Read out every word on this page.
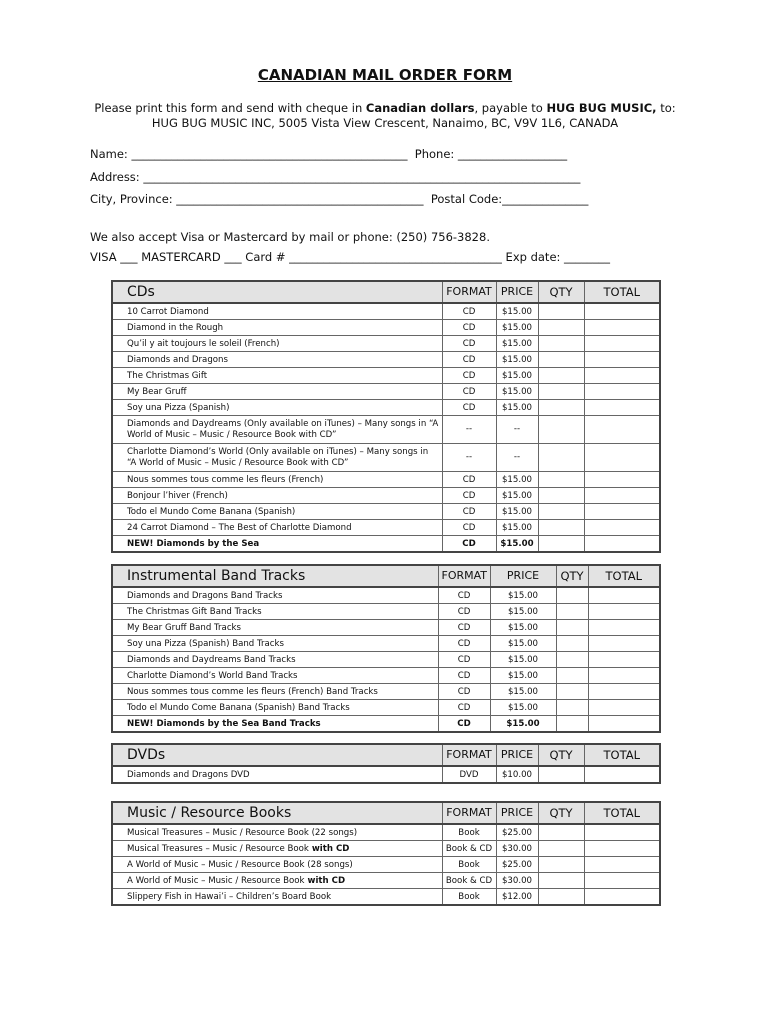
CANADIAN MAIL ORDER FORM
Please print this form and send with cheque in Canadian dollars, payable to HUG BUG MUSIC, to:
HUG BUG MUSIC INC, 5005 Vista View Crescent, Nanaimo, BC, V9V 1L6, CANADA
Name: ________________________________________________  Phone: ___________________
Address: ____________________________________________________________________________
City, Province: ___________________________________________  Postal Code:_______________
We also accept Visa or Mastercard by mail or phone: (250) 756-3828.
VISA ___ MASTERCARD ___ Card # _____________________________________ Exp date: ________
CDs	FORMAT	PRICE	QTY	TOTAL
10 Carrot Diamond	CD	$15.00		
Diamond in the Rough	CD	$15.00		
Qu’il y ait toujours le soleil (French)	CD	$15.00		
Diamonds and Dragons	CD	$15.00		
The Christmas Gift	CD	$15.00		
My Bear Gruff	CD	$15.00		
Soy una Pizza (Spanish)	CD	$15.00		
Diamonds and Daydreams (Only available on iTunes) – Many songs in “A World of Music – Music / Resource Book with CD”	--	--		
Charlotte Diamond’s World (Only available on iTunes) – Many songs in “A World of Music – Music / Resource Book with CD”	--	--		
Nous sommes tous comme les fleurs (French)	CD	$15.00		
Bonjour l’hiver (French)	CD	$15.00		
Todo el Mundo Come Banana (Spanish)	CD	$15.00		
24 Carrot Diamond – The Best of Charlotte Diamond	CD	$15.00		
NEW! Diamonds by the Sea	CD	$15.00		
Instrumental Band Tracks	FORMAT	PRICE	QTY	TOTAL
Diamonds and Dragons Band Tracks	CD	$15.00		
The Christmas Gift Band Tracks	CD	$15.00		
My Bear Gruff Band Tracks	CD	$15.00		
Soy una Pizza (Spanish) Band Tracks	CD	$15.00		
Diamonds and Daydreams Band Tracks	CD	$15.00		
Charlotte Diamond’s World Band Tracks	CD	$15.00		
Nous sommes tous comme les fleurs (French) Band Tracks	CD	$15.00		
Todo el Mundo Come Banana (Spanish) Band Tracks	CD	$15.00		
NEW! Diamonds by the Sea Band Tracks	CD	$15.00		
DVDs	FORMAT	PRICE	QTY	TOTAL
Diamonds and Dragons DVD	DVD	$10.00		
Music / Resource Books	FORMAT	PRICE	QTY	TOTAL
Musical Treasures – Music / Resource Book (22 songs)	Book	$25.00		
Musical Treasures – Music / Resource Book with CD	Book & CD	$30.00		
A World of Music – Music / Resource Book (28 songs)	Book	$25.00		
A World of Music – Music / Resource Book with CD	Book & CD	$30.00		
Slippery Fish in Hawai’i – Children’s Board Book	Book	$12.00		
